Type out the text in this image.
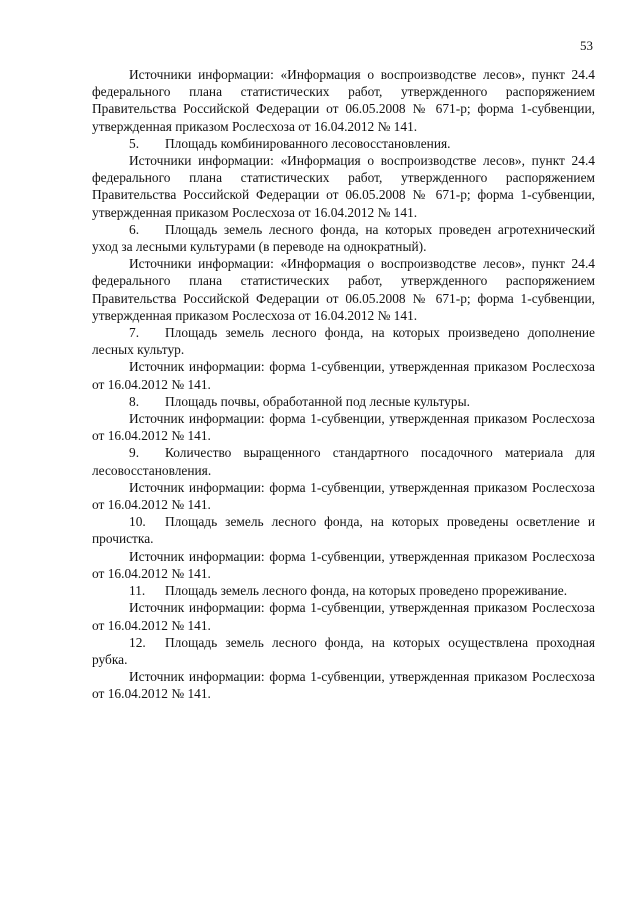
53

Источники информации: «Информация о воспроизводстве лесов», пункт 24.4 федерального плана статистических работ, утвержденного распоряжением Правительства Российской Федерации от 06.05.2008 № 671-р; форма 1-субвенции, утвержденная приказом Рослесхоза от 16.04.2012 № 141.

5. Площадь комбинированного лесовосстановления.

Источники информации: «Информация о воспроизводстве лесов», пункт 24.4 федерального плана статистических работ, утвержденного распоряжением Правительства Российской Федерации от 06.05.2008 № 671-р; форма 1-субвенции, утвержденная приказом Рослесхоза от 16.04.2012 № 141.

6. Площадь земель лесного фонда, на которых проведен агротехнический уход за лесными культурами (в переводе на однократный).

Источники информации: «Информация о воспроизводстве лесов», пункт 24.4 федерального плана статистических работ, утвержденного распоряжением Правительства Российской Федерации от 06.05.2008 № 671-р; форма 1-субвенции, утвержденная приказом Рослесхоза от 16.04.2012 № 141.

7. Площадь земель лесного фонда, на которых произведено дополнение лесных культур.

Источник информации: форма 1-субвенции, утвержденная приказом Рослесхоза от 16.04.2012 № 141.

8. Площадь почвы, обработанной под лесные культуры.

Источник информации: форма 1-субвенции, утвержденная приказом Рослесхоза от 16.04.2012 № 141.

9. Количество выращенного стандартного посадочного материала для лесовосстановления.

Источник информации: форма 1-субвенции, утвержденная приказом Рослесхоза от 16.04.2012 № 141.

10. Площадь земель лесного фонда, на которых проведены осветление и прочистка.

Источник информации: форма 1-субвенции, утвержденная приказом Рослесхоза от 16.04.2012 № 141.

11. Площадь земель лесного фонда, на которых проведено прореживание.

Источник информации: форма 1-субвенции, утвержденная приказом Рослесхоза от 16.04.2012 № 141.

12. Площадь земель лесного фонда, на которых осуществлена проходная рубка.

Источник информации: форма 1-субвенции, утвержденная приказом Рослесхоза от 16.04.2012 № 141.
